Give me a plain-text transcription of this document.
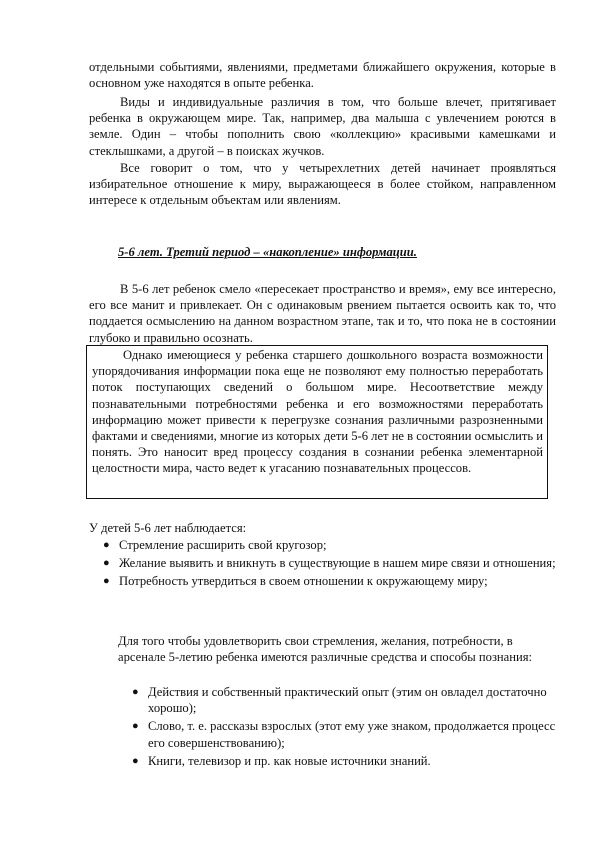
отдельными событиями, явлениями, предметами ближайшего окружения, которые в основном уже находятся в опыте ребенка.

Виды и индивидуальные различия в том, что больше влечет, притягивает ребенка в окружающем мире. Так, например, два малыша с увлечением роются в земле. Один – чтобы пополнить свою «коллекцию» красивыми камешками и стеклышками, а другой – в поисках жучков.

Все говорит о том, что у четырехлетних детей начинает проявляться избирательное отношение к миру, выражающееся в более стойком, направленном интересе к отдельным объектам или явлениям.

5-6 лет. Третий период – «накопление» информации.

В 5-6 лет ребенок смело «пересекает пространство и время», ему все интересно, его все манит и привлекает. Он с одинаковым рвением пытается освоить как то, что поддается осмыслению на данном возрастном этапе, так и то, что пока не в состоянии глубоко и правильно осознать.

Однако имеющиеся у ребенка старшего дошкольного возраста возможности упорядочивания информации пока еще не позволяют ему полностью переработать поток поступающих сведений о большом мире. Несоответствие между познавательными потребностями ребенка и его возможностями переработать информацию может привести к перегрузке сознания различными разрозненными фактами и сведениями, многие из которых дети 5-6 лет не в состоянии осмыслить и понять. Это наносит вред процессу создания в сознании ребенка элементарной целостности мира, часто ведет к угасанию познавательных процессов.

У детей 5-6 лет наблюдается:

● Стремление расширить свой кругозор;
● Желание выявить и вникнуть в существующие в нашем мире связи и отношения;
● Потребность утвердиться в своем отношении к окружающему миру;

Для того чтобы удовлетворить свои стремления, желания, потребности, в арсенале 5-летию ребенка имеются различные средства и способы познания:

● Действия и собственный практический опыт (этим он овладел достаточно хорошо);
● Слово, т. е. рассказы взрослых (этот ему уже знаком, продолжается процесс его совершенствованию);
● Книги, телевизор и пр. как новые источники знаний.
